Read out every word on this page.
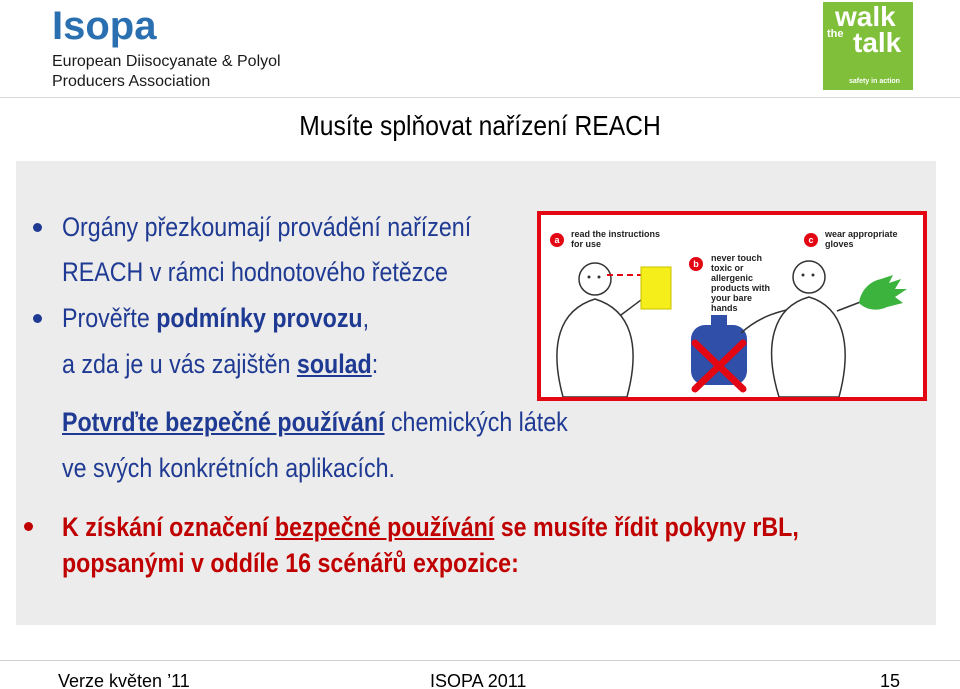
Isopa
European Diisocyanate & Polyol
Producers Association
walk
the talk
safety in action
Musíte splňovat nařízení REACH
Orgány přezkoumají provádění nařízení
REACH v rámci hodnotového řetězce
Prověřte podmínky provozu,
a zda je u vás zajištěn soulad:
Potvrďte bezpečné používání chemických látek
ve svých konkrétních aplikacích.
K získání označení bezpečné používání se musíte řídit pokyny rBL,
popsanými v oddíle 16 scénářů expozice:
a
read the instructions
for use
b
never touch
toxic or
allergenic
products with
your bare
hands
c
wear appropriate
gloves
Verze květen ’11	ISOPA 2011	15
